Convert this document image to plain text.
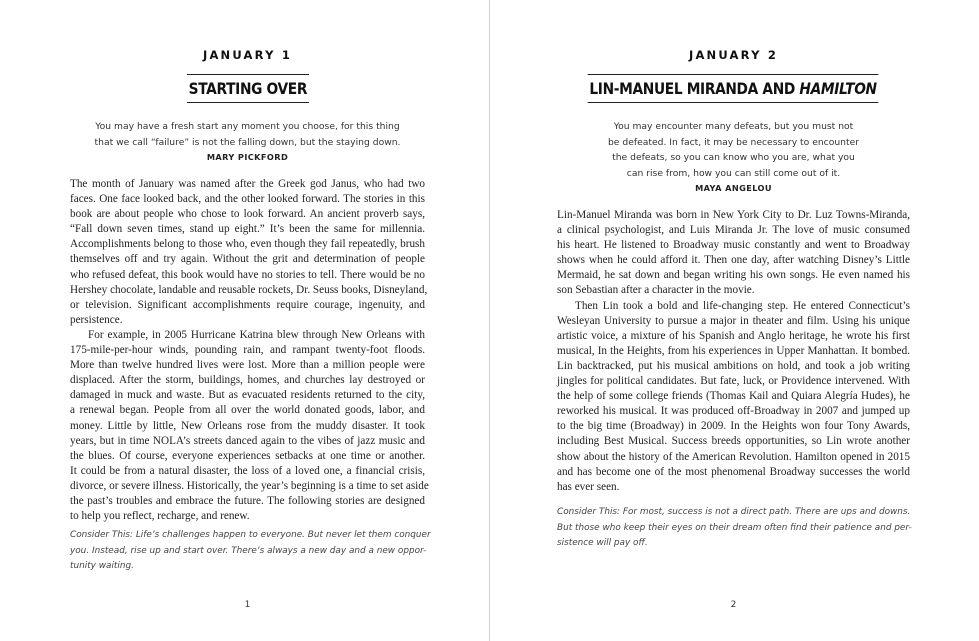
JANUARY 1
STARTING OVER
You may have a fresh start any moment you choose, for this thing
that we call “failure” is not the falling down, but the staying down.
MARY PICKFORD
The month of January was named after the Greek god Janus, who had two
faces. One face looked back, and the other looked forward. The stories in this
book are about people who chose to look forward. An ancient proverb says,
“Fall down seven times, stand up eight.” It’s been the same for millennia.
Accomplishments belong to those who, even though they fail repeatedly, brush
themselves off and try again. Without the grit and determination of people
who refused defeat, this book would have no stories to tell. There would be no
Hershey chocolate, landable and reusable rockets, Dr. Seuss books, Disneyland,
or television. Significant accomplishments require courage, ingenuity, and
persistence.
For example, in 2005 Hurricane Katrina blew through New Orleans with
175-mile-per-hour winds, pounding rain, and rampant twenty-foot floods.
More than twelve hundred lives were lost. More than a million people were
displaced. After the storm, buildings, homes, and churches lay destroyed or
damaged in muck and waste. But as evacuated residents returned to the city,
a renewal began. People from all over the world donated goods, labor, and
money. Little by little, New Orleans rose from the muddy disaster. It took
years, but in time NOLA’s streets danced again to the vibes of jazz music and
the blues. Of course, everyone experiences setbacks at one time or another.
It could be from a natural disaster, the loss of a loved one, a financial crisis,
divorce, or severe illness. Historically, the year’s beginning is a time to set aside
the past’s troubles and embrace the future. The following stories are designed
to help you reflect, recharge, and renew.
Consider This: Life’s challenges happen to everyone. But never let them conquer
you. Instead, rise up and start over. There’s always a new day and a new oppor-
tunity waiting.
1
JANUARY 2
LIN-MANUEL MIRANDA AND HAMILTON
You may encounter many defeats, but you must not
be defeated. In fact, it may be necessary to encounter
the defeats, so you can know who you are, what you
can rise from, how you can still come out of it.
MAYA ANGELOU
Lin-Manuel Miranda was born in New York City to Dr. Luz Towns-Miranda,
a clinical psychologist, and Luis Miranda Jr. The love of music consumed
his heart. He listened to Broadway music constantly and went to Broadway
shows when he could afford it. Then one day, after watching Disney’s Little
Mermaid, he sat down and began writing his own songs. He even named his
son Sebastian after a character in the movie.
Then Lin took a bold and life-changing step. He entered Connecticut’s
Wesleyan University to pursue a major in theater and film. Using his unique
artistic voice, a mixture of his Spanish and Anglo heritage, he wrote his first
musical, In the Heights, from his experiences in Upper Manhattan. It bombed.
Lin backtracked, put his musical ambitions on hold, and took a job writing
jingles for political candidates. But fate, luck, or Providence intervened. With
the help of some college friends (Thomas Kail and Quiara Alegría Hudes), he
reworked his musical. It was produced off-Broadway in 2007 and jumped up
to the big time (Broadway) in 2009. In the Heights won four Tony Awards,
including Best Musical. Success breeds opportunities, so Lin wrote another
show about the history of the American Revolution. Hamilton opened in 2015
and has become one of the most phenomenal Broadway successes the world
has ever seen.
Consider This: For most, success is not a direct path. There are ups and downs.
But those who keep their eyes on their dream often find their patience and per-
sistence will pay off.
2
